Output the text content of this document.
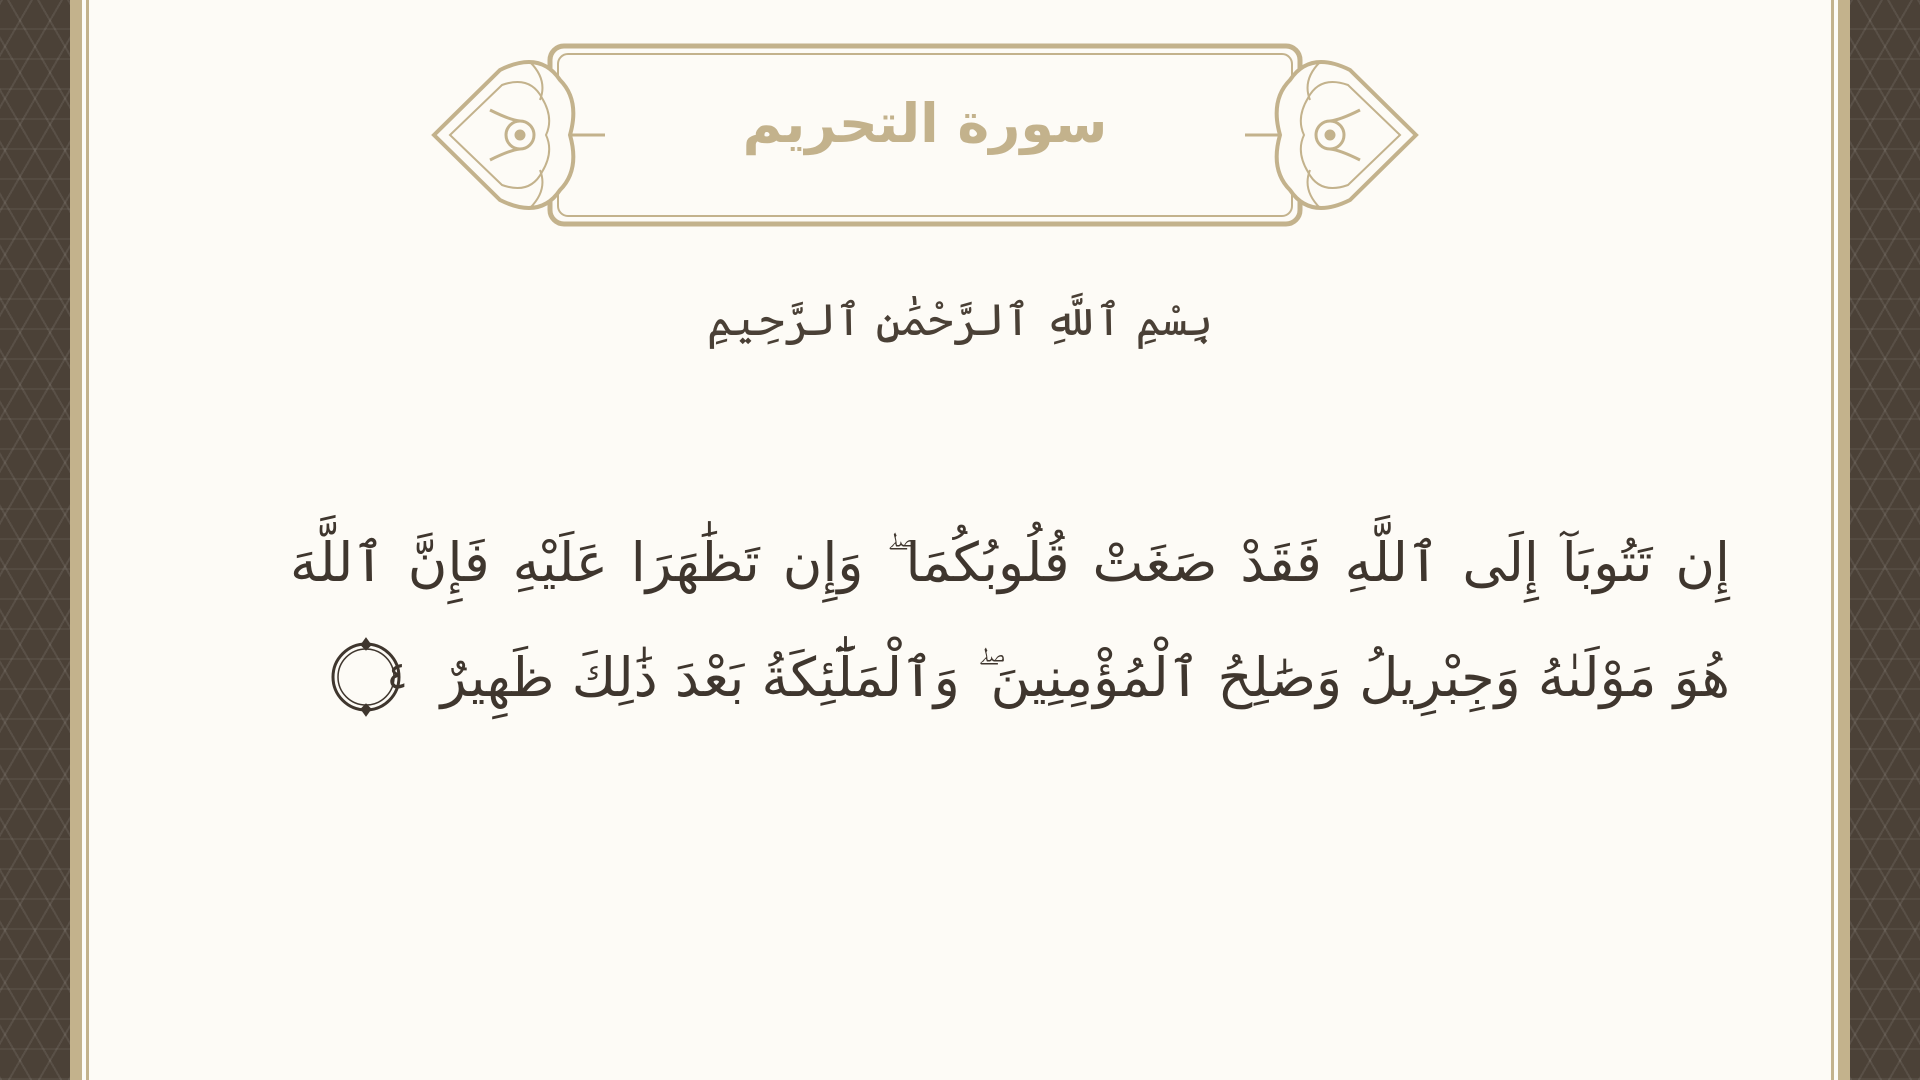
سورة التحريم
بِسْمِ ٱللَّهِ ٱلرَّحْمَٰنِ ٱلرَّحِيمِ
إِن تَتُوبَآ إِلَى ٱللَّهِ فَقَدْ صَغَتْ قُلُوبُكُمَا ۖ وَإِن تَظَٰهَرَا عَلَيْهِ فَإِنَّ ٱللَّهَ هُوَ مَوْلَىٰهُ وَجِبْرِيلُ وَصَٰلِحُ ٱلْمُؤْمِنِينَ ۖ وَٱلْمَلَٰٓئِكَةُ بَعْدَ ذَٰلِكَ ظَهِيرٌ
٤
